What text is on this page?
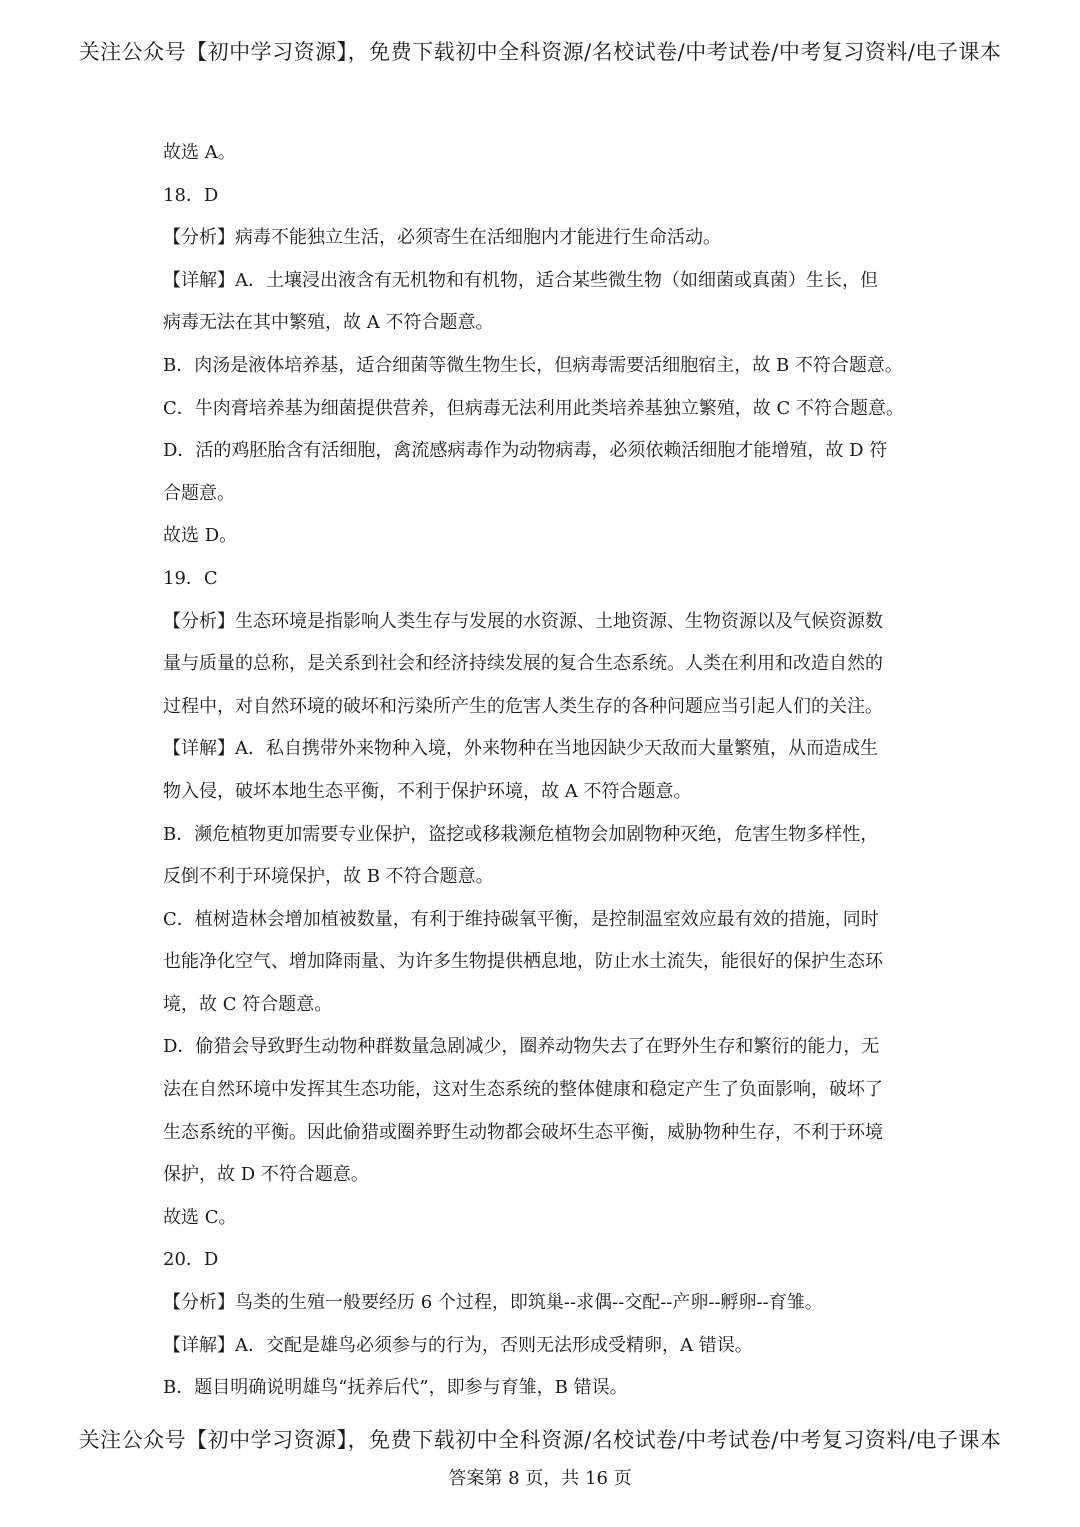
关注公众号【初中学习资源】，免费下载初中全科资源/名校试卷/中考试卷/中考复习资料/电子课本
故选 A。
18．D
【分析】病毒不能独立生活，必须寄生在活细胞内才能进行生命活动。
【详解】A．土壤浸出液含有无机物和有机物，适合某些微生物（如细菌或真菌）生长，但
病毒无法在其中繁殖，故 A 不符合题意。
B．肉汤是液体培养基，适合细菌等微生物生长，但病毒需要活细胞宿主，故 B 不符合题意。
C．牛肉膏培养基为细菌提供营养，但病毒无法利用此类培养基独立繁殖，故 C 不符合题意。
D．活的鸡胚胎含有活细胞，禽流感病毒作为动物病毒，必须依赖活细胞才能增殖，故 D 符
合题意。
故选 D。
19．C
【分析】生态环境是指影响人类生存与发展的水资源、土地资源、生物资源以及气候资源数
量与质量的总称，是关系到社会和经济持续发展的复合生态系统。人类在利用和改造自然的
过程中，对自然环境的破坏和污染所产生的危害人类生存的各种问题应当引起人们的关注。
【详解】A．私自携带外来物种入境，外来物种在当地因缺少天敌而大量繁殖，从而造成生
物入侵，破坏本地生态平衡，不利于保护环境，故 A 不符合题意。
B．濒危植物更加需要专业保护，盗挖或移栽濒危植物会加剧物种灭绝，危害生物多样性，
反倒不利于环境保护，故 B 不符合题意。
C．植树造林会增加植被数量，有利于维持碳氧平衡，是控制温室效应最有效的措施，同时
也能净化空气、增加降雨量、为许多生物提供栖息地，防止水土流失，能很好的保护生态环
境，故 C 符合题意。
D．偷猎会导致野生动物种群数量急剧减少，圈养动物失去了在野外生存和繁衍的能力，无
法在自然环境中发挥其生态功能，这对生态系统的整体健康和稳定产生了负面影响，破坏了
生态系统的平衡。因此偷猎或圈养野生动物都会破坏生态平衡，威胁物种生存，不利于环境
保护，故 D 不符合题意。
故选 C。
20．D
【分析】鸟类的生殖一般要经历 6 个过程，即筑巢--求偶--交配--产卵--孵卵--育雏。
【详解】A．交配是雄鸟必须参与的行为，否则无法形成受精卵，A 错误。
B．题目明确说明雄鸟“抚养后代”，即参与育雏，B 错误。
关注公众号【初中学习资源】，免费下载初中全科资源/名校试卷/中考试卷/中考复习资料/电子课本
答案第 8 页，共 16 页
